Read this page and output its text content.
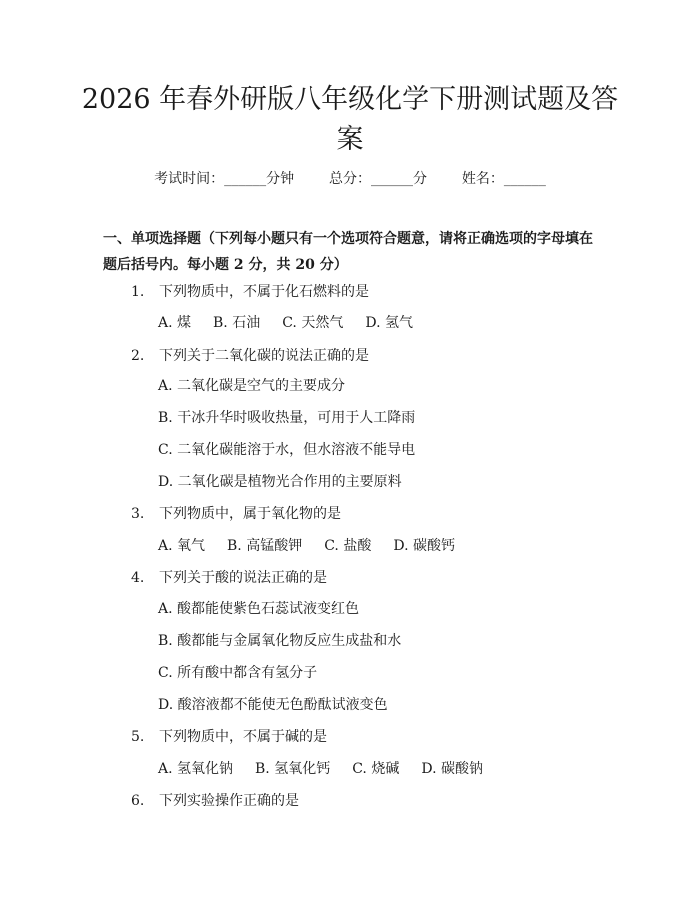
2026 年春外研版八年级化学下册测试题及答
案
考试时间：______分钟 总分：______分 姓名：______
一、单项选择题（下列每小题只有一个选项符合题意，请将正确选项的字母填在
题后括号内。每小题 2 分，共 20 分）
1. 下列物质中，不属于化石燃料的是
A. 煤 B. 石油 C. 天然气 D. 氢气
2. 下列关于二氧化碳的说法正确的是
A. 二氧化碳是空气的主要成分
B. 干冰升华时吸收热量，可用于人工降雨
C. 二氧化碳能溶于水，但水溶液不能导电
D. 二氧化碳是植物光合作用的主要原料
3. 下列物质中，属于氧化物的是
A. 氧气 B. 高锰酸钾 C. 盐酸 D. 碳酸钙
4. 下列关于酸的说法正确的是
A. 酸都能使紫色石蕊试液变红色
B. 酸都能与金属氧化物反应生成盐和水
C. 所有酸中都含有氢分子
D. 酸溶液都不能使无色酚酞试液变色
5. 下列物质中，不属于碱的是
A. 氢氧化钠 B. 氢氧化钙 C. 烧碱 D. 碳酸钠
6. 下列实验操作正确的是
